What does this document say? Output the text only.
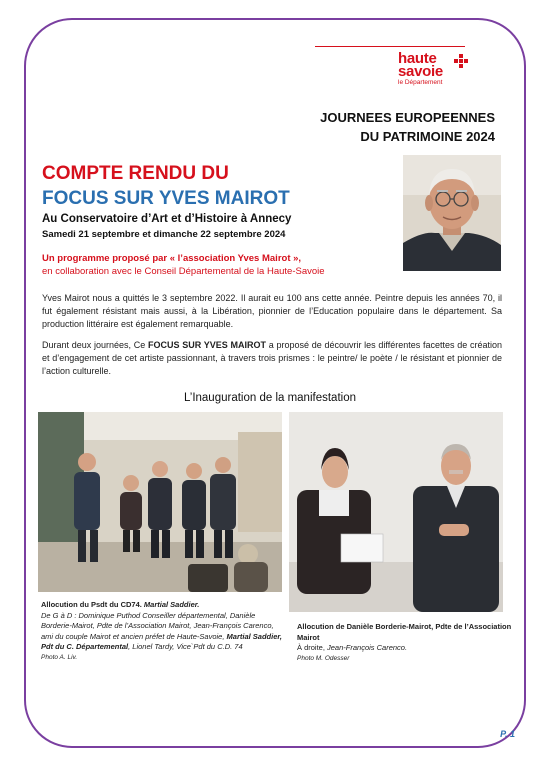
haute
savoie
le Département
JOURNEES EUROPEENNES
DU PATRIMOINE 2024
COMPTE RENDU DU
FOCUS SUR YVES MAIROT
Au Conservatoire d’Art et d’Histoire à Annecy
Samedi 21 septembre et dimanche 22 septembre 2024
Un programme proposé par « l’association Yves Mairot »,
en collaboration avec le Conseil Départemental de la Haute-Savoie
Yves Mairot nous a quittés le 3 septembre 2022. Il aurait eu 100 ans cette année. Peintre depuis les années 70, il fut également résistant mais aussi, à la Libération, pionnier de l’Education populaire dans le département. Sa production littéraire est également remarquable.
Durant deux journées, Ce FOCUS SUR YVES MAIROT a proposé de découvrir les différentes facettes de création et d’engagement de cet artiste passionnant, à travers trois prismes : le peintre/ le poète / le résistant et pionnier de l’action culturelle.
L’Inauguration de la manifestation
Allocution du Psdt du CD74. Martial Saddier.
De G à D : Dominique Puthod Conseiller départemental, Danièle Borderie-Mairot, Pdte de l’Association Mairot, Jean-François Carenco, ami du couple Mairot et ancien préfet de Haute-Savoie, Martial Saddier, Pdt du C. Départemental, Lionel Tardy, Vice`Pdt du C.D. 74
Photo A. Liv.
Allocution de Danièle Borderie-Mairot, Pdte de l’Association Mairot
À droite, Jean-François Carenco.
Photo M. Odesser
P. 1
